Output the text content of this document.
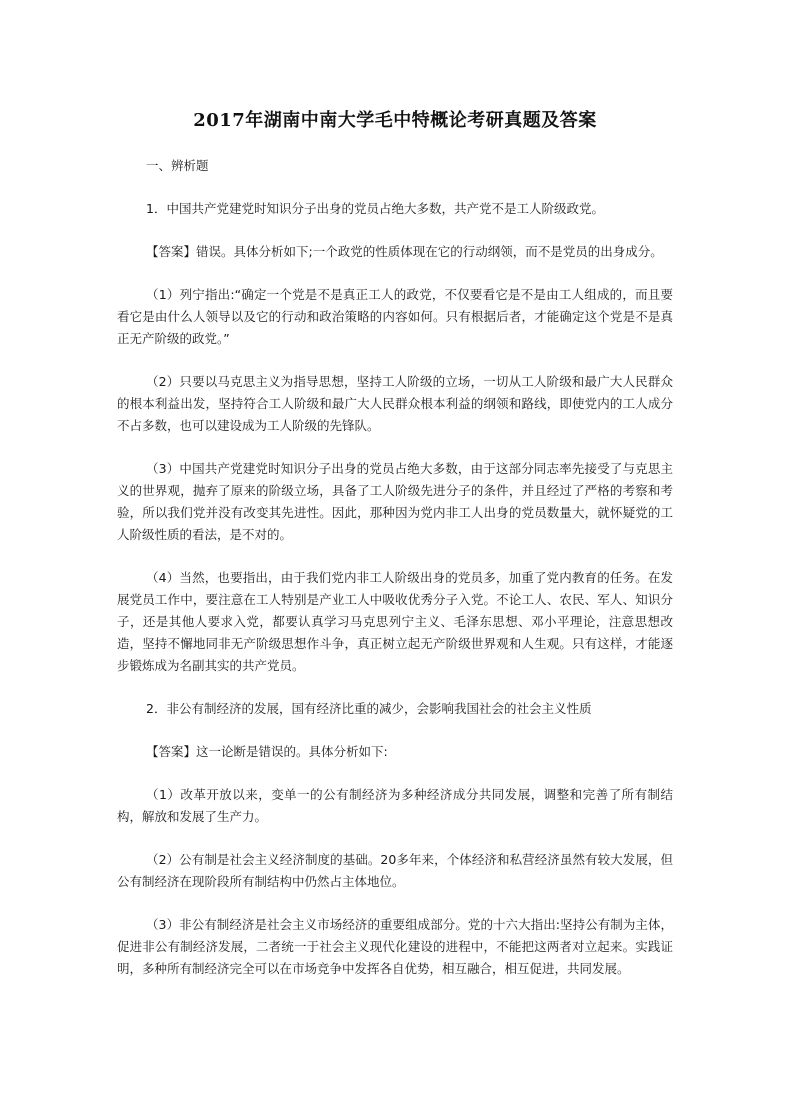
2017年湖南中南大学毛中特概论考研真题及答案

一、辨析题

1．中国共产党建党时知识分子出身的党员占绝大多数，共产党不是工人阶级政党。

【答案】错误。具体分析如下;一个政党的性质体现在它的行动纲领，而不是党员的出身成分。

（1）列宁指出:“确定一个党是不是真正工人的政党，不仅要看它是不是由工人组成的，而且要看它是由什么人领导以及它的行动和政治策略的内容如何。只有根据后者，才能确定这个党是不是真正无产阶级的政党。”

（2）只要以马克思主义为指导思想，坚持工人阶级的立场，一切从工人阶级和最广大人民群众的根本利益出发，坚持符合工人阶级和最广大人民群众根本利益的纲领和路线，即使党内的工人成分不占多数，也可以建设成为工人阶级的先锋队。

（3）中国共产党建党时知识分子出身的党员占绝大多数，由于这部分同志率先接受了与克思主义的世界观，抛弃了原来的阶级立场，具备了工人阶级先进分子的条件，并且经过了严格的考察和考验，所以我们党并没有改变其先进性。因此，那种因为党内非工人出身的党员数量大，就怀疑党的工人阶级性质的看法，是不对的。

（4）当然，也要指出，由于我们党内非工人阶级出身的党员多，加重了党内教育的任务。在发展党员工作中，要注意在工人特别是产业工人中吸收优秀分子入党。不论工人、农民、军人、知识分子，还是其他人要求入党，都要认真学习马克思列宁主义、毛泽东思想、邓小平理论，注意思想改造，坚持不懈地同非无产阶级思想作斗争，真正树立起无产阶级世界观和人生观。只有这样，才能逐步锻炼成为名副其实的共产党员。

2．非公有制经济的发展，国有经济比重的减少，会影响我国社会的社会主义性质

【答案】这一论断是错误的。具体分析如下:

（1）改革开放以来，变单一的公有制经济为多种经济成分共同发展，调整和完善了所有制结构，解放和发展了生产力。

（2）公有制是社会主义经济制度的基础。20多年来，个体经济和私营经济虽然有较大发展，但公有制经济在现阶段所有制结构中仍然占主体地位。

（3）非公有制经济是社会主义市场经济的重要组成部分。党的十六大指出:坚持公有制为主体，促进非公有制经济发展，二者统一于社会主义现代化建设的进程中，不能把这两者对立起来。实践证明，多种所有制经济完全可以在市场竞争中发挥各自优势，相互融合，相互促进，共同发展。
